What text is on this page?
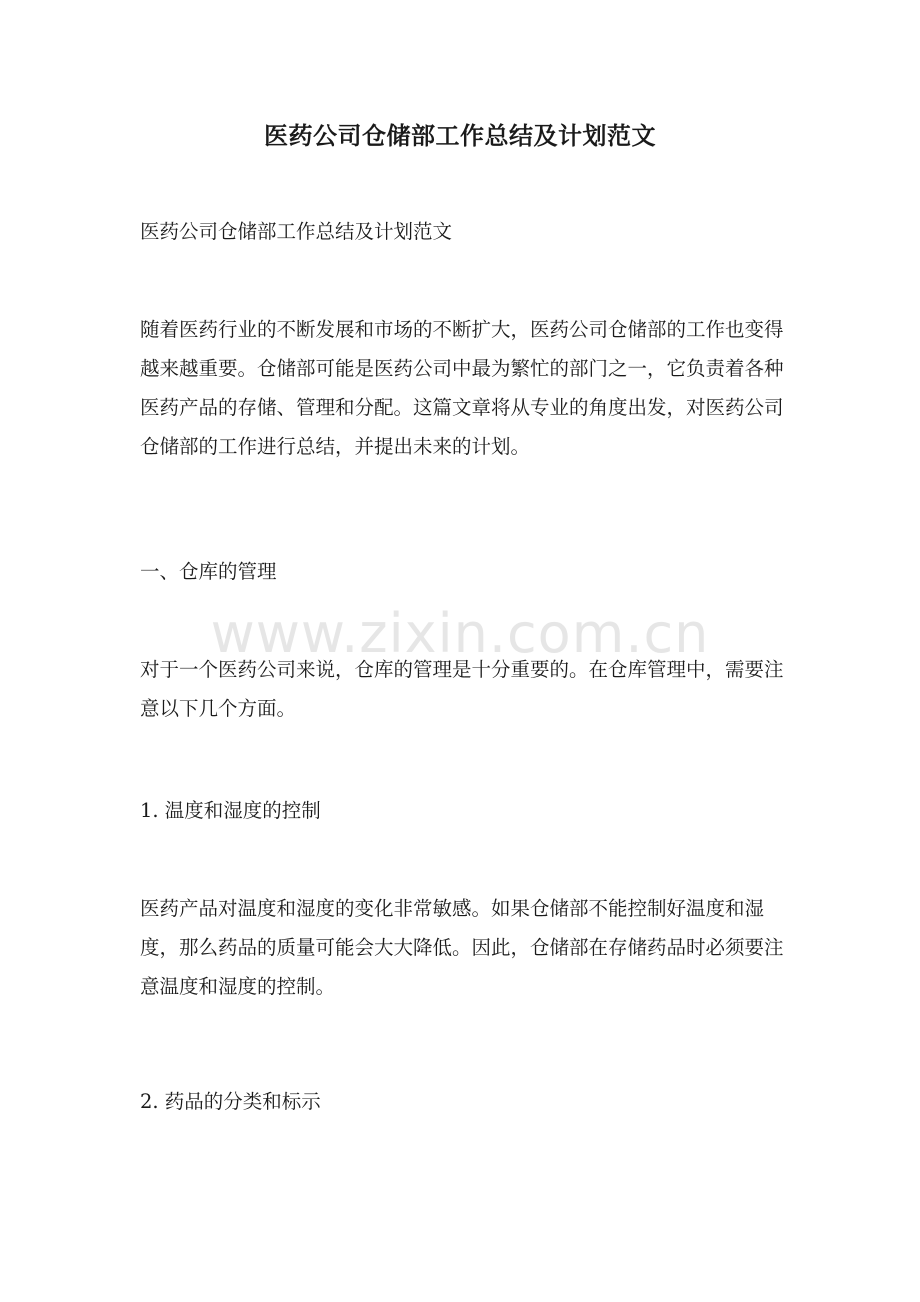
医药公司仓储部工作总结及计划范文

医药公司仓储部工作总结及计划范文

随着医药行业的不断发展和市场的不断扩大，医药公司仓储部的工作也变得越来越重要。仓储部可能是医药公司中最为繁忙的部门之一，它负责着各种医药产品的存储、管理和分配。这篇文章将从专业的角度出发，对医药公司仓储部的工作进行总结，并提出未来的计划。

一、仓库的管理

对于一个医药公司来说，仓库的管理是十分重要的。在仓库管理中，需要注意以下几个方面。

1. 温度和湿度的控制

医药产品对温度和湿度的变化非常敏感。如果仓储部不能控制好温度和湿度，那么药品的质量可能会大大降低。因此，仓储部在存储药品时必须要注意温度和湿度的控制。

2. 药品的分类和标示

www.zixin.com.cn
